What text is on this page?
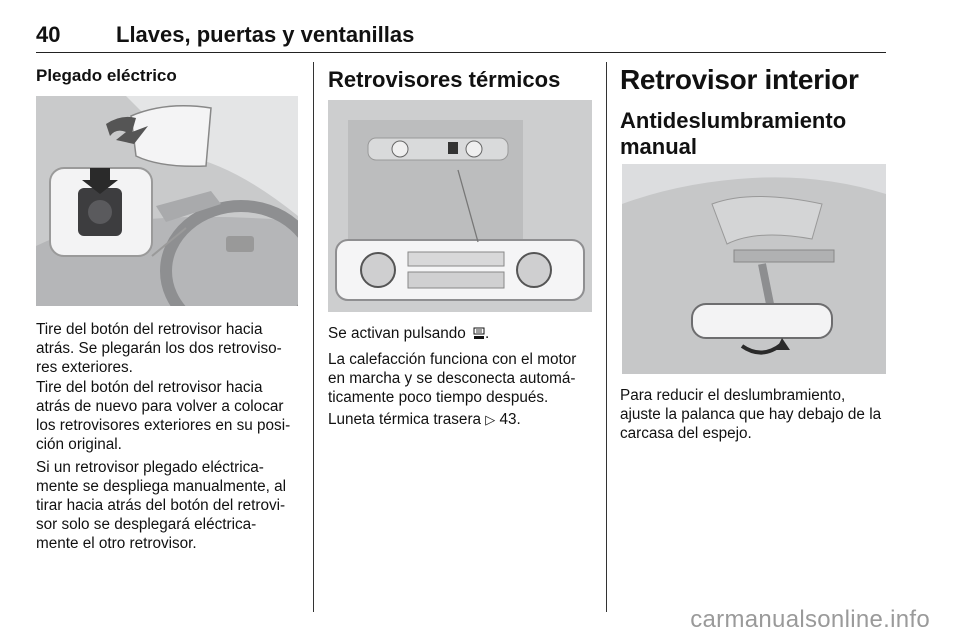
40	Llaves, puertas y ventanillas
Plegado eléctrico

Tire del botón del retrovisor hacia atrás. Se plegarán los dos retroviso-res exteriores.

Tire del botón del retrovisor hacia atrás de nuevo para volver a colocar los retrovisores exteriores en su posi-ción original.

Si un retrovisor plegado eléctrica-mente se despliega manualmente, al tirar hacia atrás del botón del retrovi-sor solo se desplegará eléctrica-mente el otro retrovisor.

Retrovisores térmicos

Se activan pulsando .

La calefacción funciona con el motor en marcha y se desconecta automá-ticamente poco tiempo después.

Luneta térmica trasera ▷ 43.

Retrovisor interior
Antideslumbramiento manual

Para reducir el deslumbramiento, ajuste la palanca que hay debajo de la carcasa del espejo.

carmanualsonline.info
